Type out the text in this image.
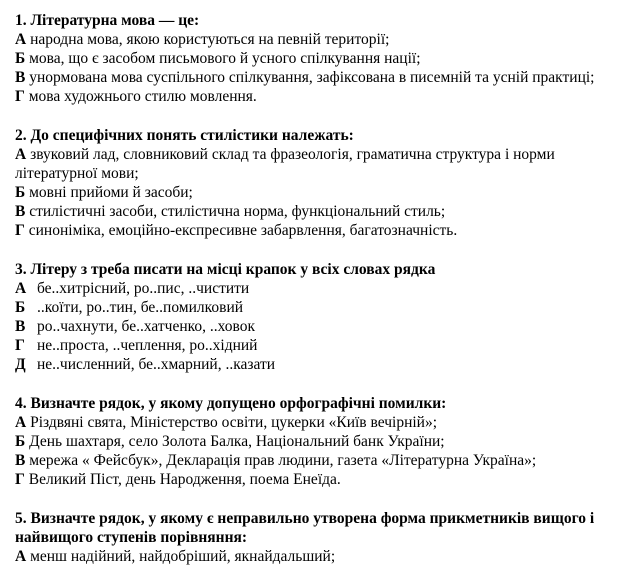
1. Літературна мова — це:
А народна мова, якою користуються на певній території;
Б мова, що є засобом письмового й усного спілкування нації;
В унормована мова суспільного спілкування, зафіксована в писемній та усній практиці;
Г мова художнього стилю мовлення.
2. До специфічних понять стилістики належать:
А звуковий лад, словниковий склад та фразеологія, граматична структура і норми літературної мови;
Б мовні прийоми й засоби;
В стилістичні засоби, стилістична норма, функціональний стиль;
Г синоніміка, емоційно-експресивне забарвлення, багатозначність.
3. Літеру з треба писати на місці крапок у всіх словах рядка
А бе..хитрісний, ро..пис, ..чистити
Б ..коїти, ро..тин, бе..помилковий
В ро..чахнути, бе..хатченко, ..ховок
Г не..проста, ..чеплення, ро..хідний
Д не..численний, бе..хмарний, ..казати
4. Визначте рядок, у якому допущено орфографічні помилки:
А Різдвяні свята, Міністерство освіти, цукерки «Київ вечірній»;
Б День шахтаря, село Золота Балка, Національний банк України;
В мережа « Фейсбук», Декларація прав людини, газета «Літературна Україна»;
Г Великий Піст, день Народження, поема Енеїда.
5. Визначте рядок, у якому є неправильно утворена форма прикметників вищого і найвищого ступенів порівняння:
А менш надійний, найдобріший, якнайдальший;
